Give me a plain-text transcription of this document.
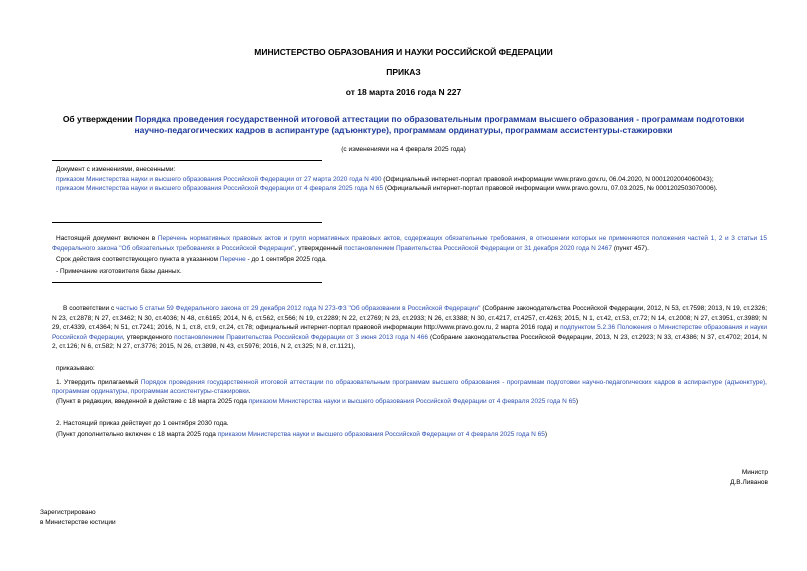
МИНИСТЕРСТВО ОБРАЗОВАНИЯ И НАУКИ РОССИЙСКОЙ ФЕДЕРАЦИИ
ПРИКАЗ
от 18 марта 2016 года N 227
Об утверждении Порядка проведения государственной итоговой аттестации по образовательным программам высшего образования - программам подготовки
научно-педагогических кадров в аспирантуре (адъюнктуре), программам ординатуры, программам ассистентуры-стажировки
(с изменениями на 4 февраля 2025 года)

Документ с изменениями, внесенными:

приказом Министерства науки и высшего образования Российской Федерации от 27 марта 2020 года N 490 (Официальный интернет-портал правовой информации www.pravo.gov.ru, 06.04.2020, N 0001202004060043);

приказом Министерства науки и высшего образования Российской Федерации от 4 февраля 2025 года N 65 (Официальный интернет-портал правовой информации www.pravo.gov.ru, 07.03.2025, № 0001202503070006).

Настоящий документ включен в Перечень нормативных правовых актов и групп нормативных правовых актов, содержащих обязательные требования, в отношении которых не применяются положения частей 1, 2 и 3 статьи 15 Федерального закона "Об обязательных требованиях в Российской Федерации", утвержденный постановлением Правительства Российской Федерации от 31 декабря 2020 года N 2467 (пункт 457).

Срок действия соответствующего пункта в указанном Перечне - до 1 сентября 2025 года.

- Примечание изготовителя базы данных.

В соответствии с частью 5 статьи 59 Федерального закона от 29 декабря 2012 года N 273-ФЗ "Об образовании в Российской Федерации" (Собрание законодательства Российской Федерации, 2012, N 53, ст.7598; 2013, N 19, ст.2326; N 23, ст.2878; N 27, ст.3462; N 30, ст.4036; N 48, ст.6165; 2014, N 6, ст.562, ст.566; N 19, ст.2289; N 22, ст.2769; N 23, ст.2933; N 26, ст.3388; N 30, ст.4217, ст.4257, ст.4263; 2015, N 1, ст.42, ст.53, ст.72; N 14, ст.2008; N 27, ст.3951, ст.3989; N 29, ст.4339, ст.4364; N 51, ст.7241; 2016, N 1, ст.8, ст.9, ст.24, ст.78; официальный интернет-портал правовой информации http://www.pravo.gov.ru, 2 марта 2016 года) и подпунктом 5.2.36 Положения о Министерстве образования и науки Российской Федерации, утвержденного постановлением Правительства Российской Федерации от 3 июня 2013 года N 466 (Собрание законодательства Российской Федерации, 2013, N 23, ст.2923; N 33, ст.4386; N 37, ст.4702; 2014, N 2, ст.126; N 6, ст.582; N 27, ст.3776; 2015, N 26, ст.3898, N 43, ст.5976; 2016, N 2, ст.325; N 8, ст.1121),

приказываю:

1. Утвердить прилагаемый Порядок проведения государственной итоговой аттестации по образовательным программам высшего образования - программам подготовки научно-педагогических кадров в аспирантуре (адъюнктуре), программам ординатуры, программам ассистентуры-стажировки.

(Пункт в редакции, введенной в действие с 18 марта 2025 года приказом Министерства науки и высшего образования Российской Федерации от 4 февраля 2025 года N 65)

2. Настоящий приказ действует до 1 сентября 2030 года.

(Пункт дополнительно включен с 18 марта 2025 года приказом Министерства науки и высшего образования Российской Федерации от 4 февраля 2025 года N 65)

Министр

Д.В.Ливанов

Зарегистрировано

в Министерстве юстиции
